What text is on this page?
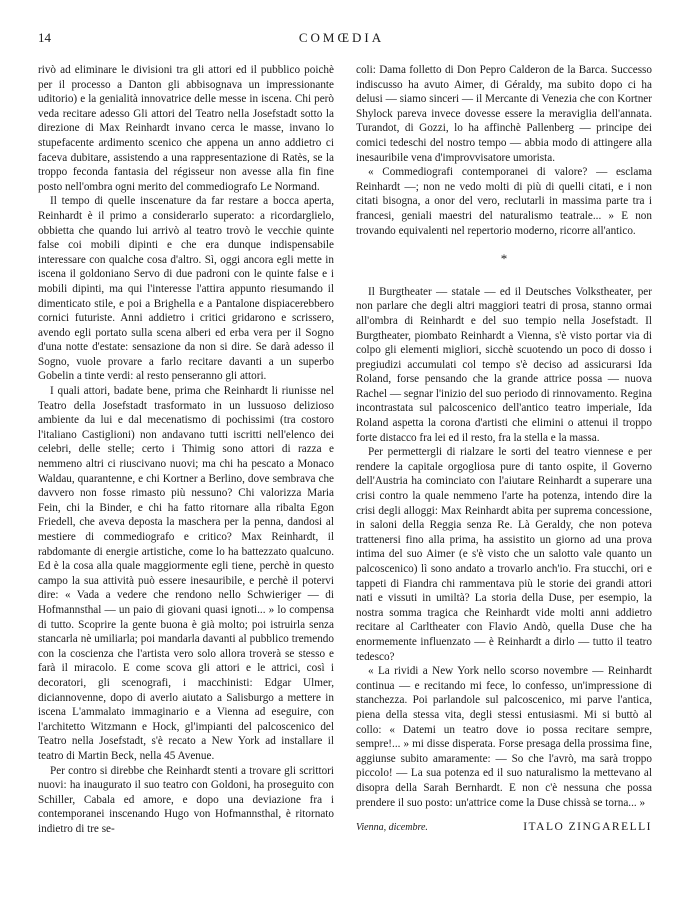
14	COMŒDIA

rivò ad eliminare le divisioni tra gli attori ed il pubblico poichè per il processo a Danton gli abbisognava un impressionante uditorio) e la genialità innovatrice delle messe in iscena. Chi però veda recitare adesso Gli attori del Teatro nella Josefstadt sotto la direzione di Max Reinhardt invano cerca le masse, invano lo stupefacente ardimento scenico che appena un anno addietro ci faceva dubitare, assistendo a una rappresentazione di Ratès, se la troppo feconda fantasia del régisseur non avesse alla fin fine posto nell'ombra ogni merito del commediografo Le Normand.

Il tempo di quelle inscenature da far restare a bocca aperta, Reinhardt è il primo a considerarlo superato: a ricordarglielo, obbietta che quando lui arrivò al teatro trovò le vecchie quinte false coi mobili dipinti e che era dunque indispensabile interessare con qualche cosa d'altro. Sì, oggi ancora egli mette in iscena il goldoniano Servo di due padroni con le quinte false e i mobili dipinti, ma qui l'interesse l'attira appunto riesumando il dimenticato stile, e poi a Brighella e a Pantalone dispiacerebbero cornici futuriste. Anni addietro i critici gridarono e scrissero, avendo egli portato sulla scena alberi ed erba vera per il Sogno d'una notte d'estate: sensazione da non si dire. Se darà adesso il Sogno, vuole provare a farlo recitare davanti a un superbo Gobelin a tinte verdi: al resto penseranno gli attori.

I quali attori, badate bene, prima che Reinhardt li riunisse nel Teatro della Josefstadt trasformato in un lussuoso delizioso ambiente da lui e dal mecenatismo di pochissimi (tra costoro l'italiano Castiglioni) non andavano tutti iscritti nell'elenco dei celebri, delle stelle; certo i Thimig sono attori di razza e nemmeno altri ci riuscivano nuovi; ma chi ha pescato a Monaco Waldau, quarantenne, e chi Kortner a Berlino, dove sembrava che davvero non fosse rimasto più nessuno? Chi valorizza Maria Fein, chi la Binder, e chi ha fatto ritornare alla ribalta Egon Friedell, che aveva deposta la maschera per la penna, dandosi al mestiere di commediografo e critico? Max Reinhardt, il rabdomante di energie artistiche, come lo ha battezzato qualcuno. Ed è la cosa alla quale maggiormente egli tiene, perchè in questo campo la sua attività può essere inesauribile, e perchè il potervi dire: « Vada a vedere che rendono nello Schwieriger — di Hofmannsthal — un paio di giovani quasi ignoti... » lo compensa di tutto. Scoprire la gente buona è già molto; poi istruirla senza stancarla nè umiliarla; poi mandarla davanti al pubblico tremendo con la coscienza che l'artista vero solo allora troverà se stesso e farà il miracolo. E come scova gli attori e le attrici, così i decoratori, gli scenografi, i macchinisti: Edgar Ulmer, diciannovenne, dopo di averlo aiutato a Salisburgo a mettere in iscena L'ammalato immaginario e a Vienna ad eseguire, con l'architetto Witzmann e Hock, gl'impianti del palcoscenico del Teatro nella Josefstadt, s'è recato a New York ad installare il teatro di Martin Beck, nella 45 Avenue.

Per contro si direbbe che Reinhardt stenti a trovare gli scrittori nuovi: ha inaugurato il suo teatro con Goldoni, ha proseguito con Schiller, Cabala ed amore, e dopo una deviazione fra i contemporanei inscenando Hugo von Hofmannsthal, è ritornato indietro di tre se-

coli: Dama folletto di Don Pepro Calderon de la Barca. Successo indiscusso ha avuto Aimer, di Géraldy, ma subito dopo ci ha delusi — siamo sinceri — il Mercante di Venezia che con Kortner Shylock pareva invece dovesse essere la meraviglia dell'annata. Turandot, di Gozzi, lo ha affinchè Pallenberg — principe dei comici tedeschi del nostro tempo — abbia modo di attingere alla inesauribile vena d'improvvisatore umorista.

« Commediografi contemporanei di valore? — esclama Reinhardt —; non ne vedo molti di più di quelli citati, e i non citati bisogna, a onor del vero, reclutarli in massima parte tra i francesi, geniali maestri del naturalismo teatrale... » E non trovando equivalenti nel repertorio moderno, ricorre all'antico.

*

Il Burgtheater — statale — ed il Deutsches Volkstheater, per non parlare che degli altri maggiori teatri di prosa, stanno ormai all'ombra di Reinhardt e del suo tempio nella Josefstadt. Il Burgtheater, piombato Reinhardt a Vienna, s'è visto portar via di colpo gli elementi migliori, sicchè scuotendo un poco di dosso i pregiudizi accumulati col tempo s'è deciso ad assicurarsi Ida Roland, forse pensando che la grande attrice possa — nuova Rachel — segnar l'inizio del suo periodo di rinnovamento. Regina incontrastata sul palcoscenico dell'antico teatro imperiale, Ida Roland aspetta la corona d'artisti che elimini o attenui il troppo forte distacco fra lei ed il resto, fra la stella e la massa.

Per permettergli di rialzare le sorti del teatro viennese e per rendere la capitale orgogliosa pure di tanto ospite, il Governo dell'Austria ha cominciato con l'aiutare Reinhardt a superare una crisi contro la quale nemmeno l'arte ha potenza, intendo dire la crisi degli alloggi: Max Reinhardt abita per suprema concessione, in saloni della Reggia senza Re. Là Geraldy, che non poteva trattenersi fino alla prima, ha assistito un giorno ad una prova intima del suo Aimer (e s'è visto che un salotto vale quanto un palcoscenico) lì sono andato a trovarlo anch'io. Fra stucchi, ori e tappeti di Fiandra chi rammentava più le storie dei grandi attori nati e vissuti in umiltà? La storia della Duse, per esempio, la nostra somma tragica che Reinhardt vide molti anni addietro recitare al Carltheater con Flavio Andò, quella Duse che ha enormemente influenzato — è Reinhardt a dirlo — tutto il teatro tedesco?

« La rividi a New York nello scorso novembre — Reinhardt continua — e recitando mi fece, lo confesso, un'impressione di stanchezza. Poi parlandole sul palcoscenico, mi parve l'antica, piena della stessa vita, degli stessi entusiasmi. Mi si buttò al collo: « Datemi un teatro dove io possa recitare sempre, sempre!... » mi disse disperata. Forse presaga della prossima fine, aggiunse subito amaramente: — So che l'avrò, ma sarà troppo piccolo! — La sua potenza ed il suo naturalismo la mettevano al disopra della Sarah Bernhardt. E non c'è nessuna che possa prendere il suo posto: un'attrice come la Duse chissà se torna... »

Vienna, dicembre.	ITALO ZINGARELLI
